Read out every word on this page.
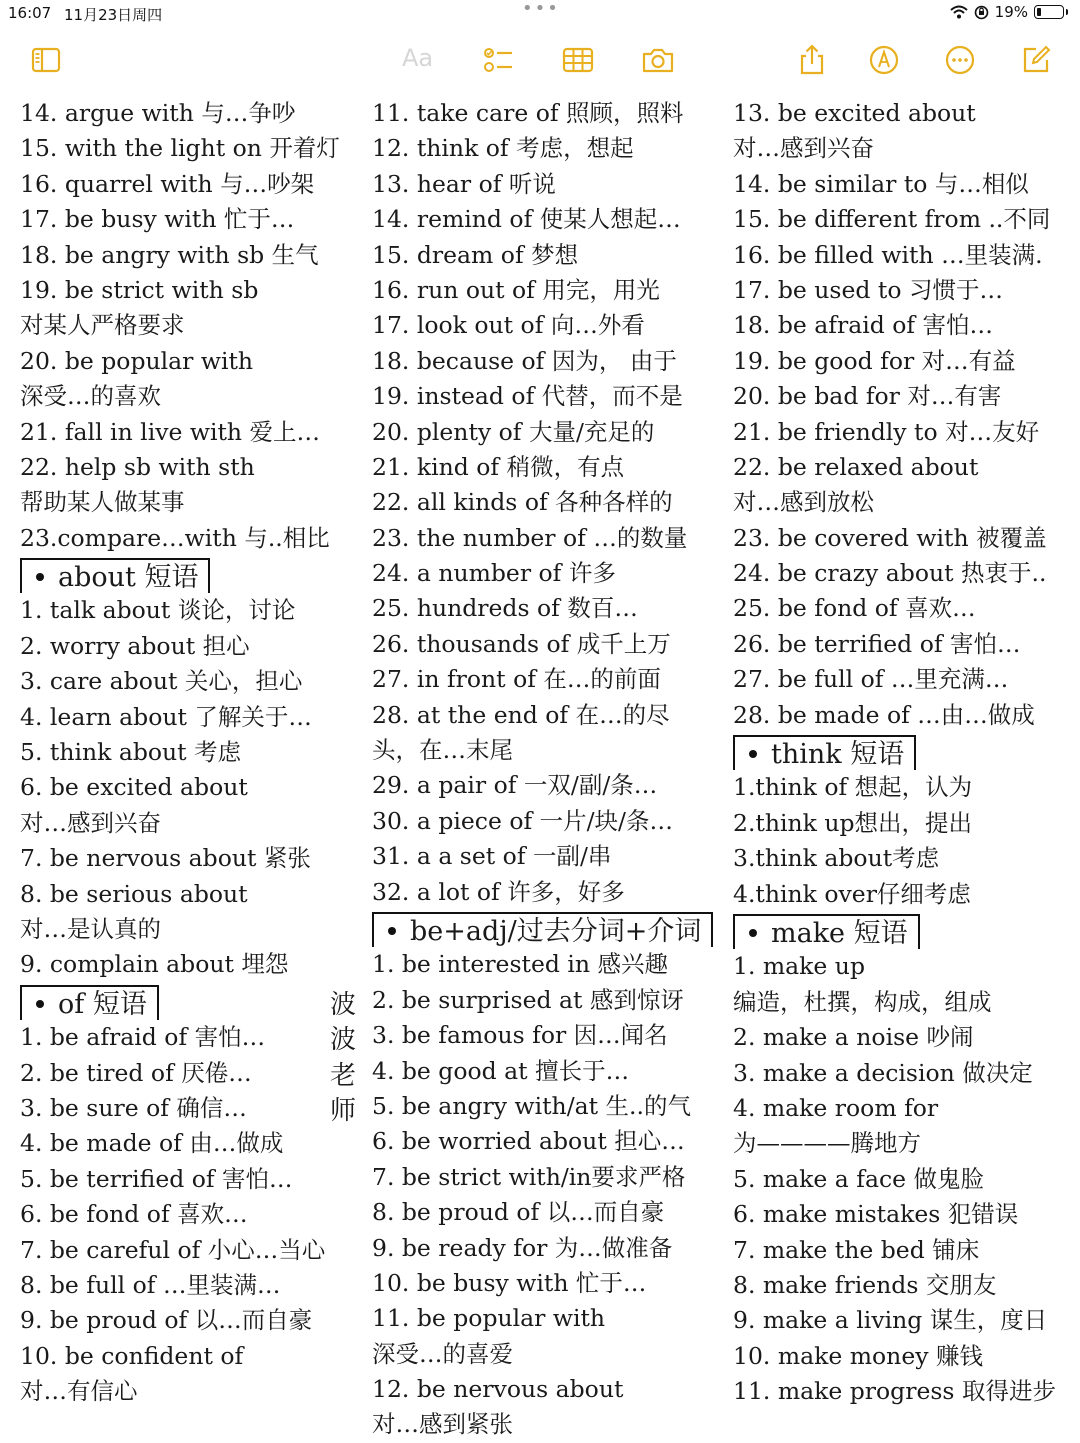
16:07 11月23日周四	•••	19%
Aa
14. argue with 与…争吵
15. with the light on 开着灯
16. quarrel with 与…吵架
17. be busy with 忙于…
18. be angry with sb 生气
19. be strict with sb
对某人严格要求
20. be popular with
深受…的喜欢
21. fall in live with 爱上…
22. help sb with sth
帮助某人做某事
23.compare…with 与..相比
about 短语
1. talk about 谈论，讨论
2. worry about 担心
3. care about 关心，担心
4. learn about 了解关于…
5. think about 考虑
6. be excited about
对…感到兴奋
7. be nervous about 紧张
8. be serious about
对…是认真的
9. complain about 埋怨
of 短语
1. be afraid of 害怕…
2. be tired of 厌倦…
3. be sure of 确信…
4. be made of 由…做成
5. be terrified of 害怕…
6. be fond of 喜欢…
7. be careful of 小心…当心
8. be full of …里装满…
9. be proud of 以…而自豪
10. be confident of
对…有信心
11. take care of 照顾，照料
12. think of 考虑，想起
13. hear of 听说
14. remind of 使某人想起…
15. dream of 梦想
16. run out of 用完，用光
17. look out of 向…外看
18. because of 因为， 由于
19. instead of 代替，而不是
20. plenty of 大量/充足的
21. kind of 稍微，有点
22. all kinds of 各种各样的
23. the number of …的数量
24. a number of 许多
25. hundreds of 数百…
26. thousands of 成千上万
27. in front of 在…的前面
28. at the end of 在…的尽
头，在…末尾
29. a pair of 一双/副/条…
30. a piece of 一片/块/条…
31. a a set of 一副/串
32. a lot of 许多，好多
be+adj/过去分词+介词
1. be interested in 感兴趣
2. be surprised at 感到惊讶
3. be famous for 因…闻名
4. be good at 擅长于…
5. be angry with/at 生..的气
6. be worried about 担心…
7. be strict with/in要求严格
8. be proud of 以…而自豪
9. be ready for 为…做准备
10. be busy with 忙于…
11. be popular with
深受…的喜爱
12. be nervous about
对…感到紧张
13. be excited about
对…感到兴奋
14. be similar to 与…相似
15. be different from ..不同
16. be filled with …里装满.
17. be used to 习惯于…
18. be afraid of 害怕…
19. be good for 对…有益
20. be bad for 对…有害
21. be friendly to 对…友好
22. be relaxed about
对…感到放松
23. be covered with 被覆盖
24. be crazy about 热衷于..
25. be fond of 喜欢…
26. be terrified of 害怕…
27. be full of …里充满…
28. be made of …由…做成
think 短语
1.think of 想起，认为
2.think up想出，提出
3.think about考虑
4.think over仔细考虑
make 短语
1. make up
编造，杜撰，构成，组成
2. make a noise 吵闹
3. make a decision 做决定
4. make room for
为————腾地方
5. make a face 做鬼脸
6. make mistakes 犯错误
7. make the bed 铺床
8. make friends 交朋友
9. make a living 谋生，度日
10. make money 赚钱
11. make progress 取得进步
波
波
老
师
